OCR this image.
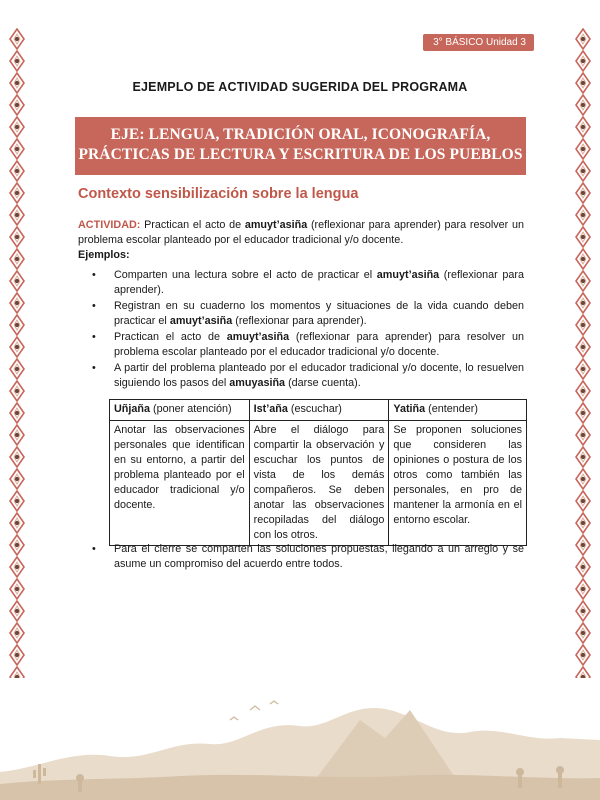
3° BÁSICO Unidad 3
EJEMPLO DE ACTIVIDAD SUGERIDA DEL PROGRAMA
EJE: LENGUA, TRADICIÓN ORAL, ICONOGRAFÍA,
PRÁCTICAS DE LECTURA Y ESCRITURA DE LOS PUEBLOS
Contexto sensibilización sobre la lengua
ACTIVIDAD: Practican el acto de amuyt’asiña (reflexionar para aprender) para resolver un problema escolar planteado por el educador tradicional y/o docente.
Ejemplos:
• Comparten una lectura sobre el acto de practicar el amuyt’asiña (reflexionar para aprender).
• Registran en su cuaderno los momentos y situaciones de la vida cuando deben practicar el amuyt’asiña (reflexionar para aprender).
• Practican el acto de amuyt’asiña (reflexionar para aprender) para resolver un problema escolar planteado por el educador tradicional y/o docente.
• A partir del problema planteado por el educador tradicional y/o docente, lo resuelven siguiendo los pasos del amuyasiña (darse cuenta).
Uñjaña (poner atención)	Ist’aña (escuchar)	Yatiña (entender)
Anotar las observaciones personales que identifican en su entorno, a partir del problema planteado por el educador tradicional y/o docente.	Abre el diálogo para compartir la observación y escuchar los puntos de vista de los demás compañeros. Se deben anotar las observaciones recopiladas del diálogo con los otros.	Se proponen soluciones que consideren las opiniones o postura de los otros como también las personales, en pro de mantener la armonía en el entorno escolar.
• Para el cierre se comparten las soluciones propuestas, llegando a un arreglo y se asume un compromiso del acuerdo entre todos.
